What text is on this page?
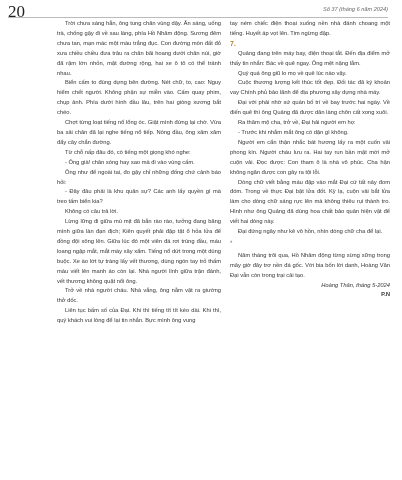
20	Số 37 (tháng 6 năm 2024)

Trời chưa sáng hẳn, ông tung chăn vùng dậy. Ăn sáng, uống trà, chống gậy đi về sau làng, phía Hồ Nhâm động. Sương đêm chưa tan, mạn mác một màu trắng đục. Con đường mòn đất đỏ xưa chiều chiều đưa trâu ra chăn bãi hoang dưới chân núi, giờ đã rậm lớn nhỏn, mặt đường rộng, hai xe ô tô có thể tránh nhau.

Biển cấm to đùng dựng bên đường. Nét chữ, to, cao: Nguy hiểm chết người. Không phận sự miễn vào. Cấm quay phim, chụp ảnh. Phía dưới hình đầu lâu, trên hai giòng xương bắt chéo.

Chợt từng loạt tiếng nổ lổng óc. Giật mình đứng lại chờ. Vừa ba sải chân đã lại nghe tiếng nổ tiếp. Nóng đầu, ông xăm xăm đẩy cây chắn đường.

Từ chỗ nấp đâu đó, có tiếng một giọng khó nghe:

- Ông già! chân sóng hay sao mà đi vào vùng cấm.

Ông như để ngoài tai, đo gậy chỉ những đống chứ cảnh báo hỏi:

- Đây đâu phải là khu quân sự? Các anh lấy quyền gì mà treo tấm biển kia?

Không có câu trả lời.

Lừng lững đi giữa mù mịt đã bẵn rào rào, tưởng đang băng mình giữa làn đạn địch; Kiên quyết phải đập tật ổ hỏa lửa để đồng đội xông lên. Giữa lúc đó một viên đá rơi trúng đầu, máu loang ngập mắt, mắt mày xây xẩm. Tiếng nổ dứt trong một dùng buộc. Xe ào lớt tự tràng lấy vết thương, dùng ngón tay trỏ thấm máu viết lên manh áo còn lại. Nhà người lính giữa trận đánh, vết thương không quặt nổi ông.

Trở về nhà người cháu. Nhà vắng, ông nằm vật ra giường thở dốc.

Liên tục bấm số của Đại. Khi thì tiếng tít tít kéo dài. Khi thì, quý khách vui lòng để lại tin nhắn. Bực mình ông vung

tay ném chiếc điện thoại xuống nền nhà đánh choang một tiếng. Huyết áp vọt lên. Tim ngừng đập.

7.

Quảng đang trên máy bay, điện thoại tắt. Đến địa điểm mở thấy tin nhắn: Bác về quê ngay. Ông mệt nặng lắm.

Quý quá ông giũ lo mọ về quê lúc nào vậy.

Cuộc thương lượng kết thúc tốt đẹp. Đối tác đã ký khoản vay Chính phủ bảo lãnh để địa phương xây dựng nhà máy.

Đại với phải nhờ sứ quán bố trí về bay trước hai ngày. Về điến quê thì ông Quảng đã được dân làng chôn cất xong xuôi.

Ra thăm mộ cha, trở về, Đại hải người em họ:

- Trước khi nhắm mắt ông có dặn gì không.

Người em cẩn thận nhắc bát hương lấy ra một cuốn vải phong kín. Người cháu lưu ra. Hai tay run bần mật mới mở cuộn vải. Đọc được: Con tham ô là nhà vô phúc. Cha hận không ngăn được con gây ra tội lỗi.

Dòng chữ viết bằng máu đập vào mắt Đại cứ tất nảy đom đóm. Trong về thực Đại bật lửa đốt. Kỳ lạ, cuộn vải bắt lửa làm cho dòng chữ sáng rực lên mà không thiêu rụi thành tro. Hình như ông Quảng đã dùng hoa chất bảo quản hiện vật để viết hai dòng này.

Đại đứng ngây như kẻ vô hồn, nhìn dòng chữ cha để lại.

*

Năm tháng trôi qua, Hồ Nhâm động từng sừng sững trong mây giờ đây trơ nền đá gốc. Với bia bốn lời danh, Hoàng Văn Đại vẫn còn trong trại cải tạo.

Hoàng Thân, tháng 5-2024

P.N
